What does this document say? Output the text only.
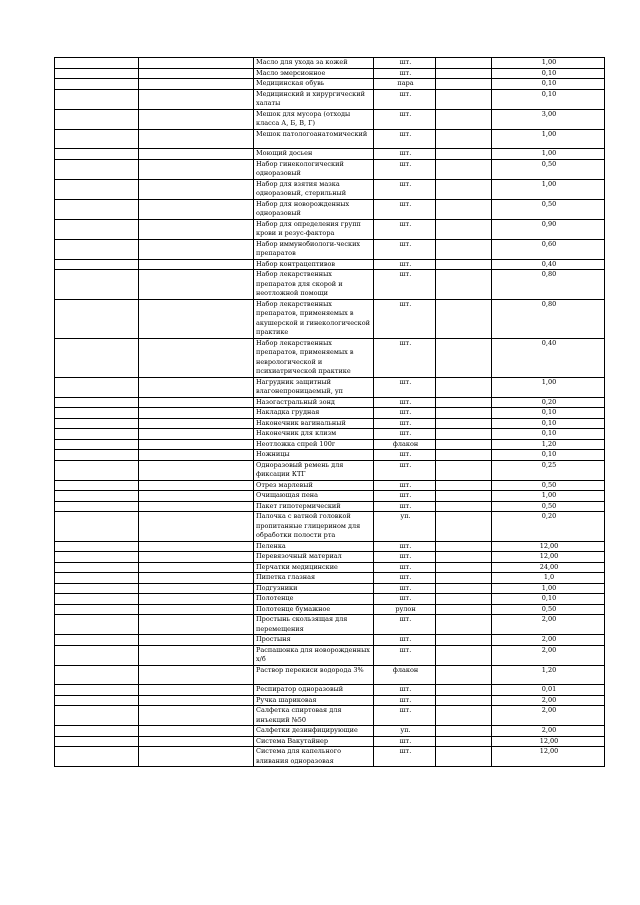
		Масло для ухода за кожей	шт.		1,00
		Масло эмерсионное	шт.		0,10
		Медицинская обувь	пара		0,10
		Медицинский и хирургический халаты	шт.		0,10
		Мешок для мусора (отходы класса А, Б, В, Г)	шт.		3,00
		Мешок патологоанатомический	шт.		1,00
		Моющий досьен	шт.		1,00
		Набор гинекологический одноразовый	шт.		0,50
		Набор для взятия мазка одноразовый, стерильный	шт.		1,00
		Набор для новорожденных одноразовый	шт.		0,50
		Набор для определения групп крови и резус-фактора	шт.		0,90
		Набор иммунобиологи-ческих препаратов	шт.		0,60
		Набор контрацептивов	шт.		0,40
		Набор лекарственных препаратов для скорой и неотложной помощи	шт.		0,80
		Набор лекарственных препаратов, применяемых в акушерской и гинекологической практике	шт.		0,80
		Набор лекарственных препаратов, применяемых в неврологической и психиатрической практике	шт.		0,40
		Нагрудник защитный влагонепроницаемый, уп	шт.		1,00
		Назогастральный зонд	шт.		0,20
		Накладка грудная	шт.		0,10
		Наконечник вагинальный	шт.		0,10
		Наконечник для клизм	шт.		0,10
		Неотложка спрей 100г	флакон		1,20
		Ножницы	шт.		0,10
		Одноразовый ремень для фиксации КТГ	шт.		0,25
		Отрез марлевый	шт.		0,50
		Очищающая пена	шт.		1,00
		Пакет гипотермический	шт.		0,50
		Палочка с ватной головкой пропитанные глицерином для обработки полости рта	уп.		0,20
		Пеленка	шт.		12,00
		Перевязочный материал	шт.		12,00
		Перчатки медицинские	шт.		24,00
		Пипетка глазная	шт.		1,0
		Подгузники	шт.		1,00
		Полотенце	шт.		0,10
		Полотенце бумажное	рулон		0,50
		Простынь скользящая для перемещения	шт.		2,00
		Простыня	шт.		2,00
		Распашонка для новорожденных х/б	шт.		2,00
		Раствор перекиси водорода 3%	флакон		1,20
		Респиратор одноразовый	шт.		0,01
		Ручка шариковая	шт.		2,00
		Салфетка спиртовая для инъекций №50	шт.		2,00
		Салфетки дезинфицирующие	уп.		2,00
		Система Вакутайнер	шт.		12,00
		Система для капельного вливания одноразовая	шт.		12,00
